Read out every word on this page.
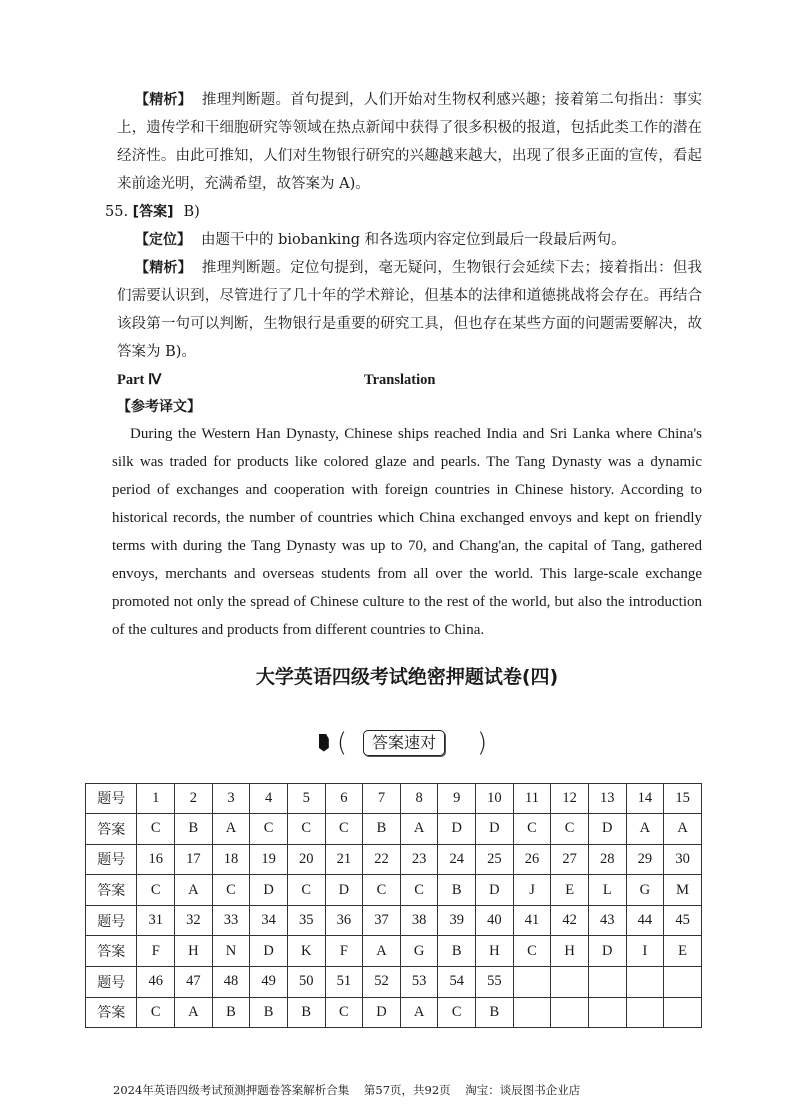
【精析】 推理判断题。首句提到，人们开始对生物权利感兴趣；接着第二句指出：事实上，遗传学和干细胞研究等领域在热点新闻中获得了很多积极的报道，包括此类工作的潜在经济性。由此可推知，人们对生物银行研究的兴趣越来越大，出现了很多正面的宣传，看起来前途光明，充满希望，故答案为 A)。

55. [答案] B)

【定位】 由题干中的 biobanking 和各选项内容定位到最后一段最后两句。

【精析】 推理判断题。定位句提到，毫无疑问，生物银行会延续下去；接着指出：但我们需要认识到，尽管进行了几十年的学术辩论，但基本的法律和道德挑战将会存在。再结合该段第一句可以判断，生物银行是重要的研究工具，但也存在某些方面的问题需要解决，故答案为 B)。

Part Ⅳ	Translation
【参考译文】

During the Western Han Dynasty, Chinese ships reached India and Sri Lanka where China's silk was traded for products like colored glaze and pearls. The Tang Dynasty was a dynamic period of exchanges and cooperation with foreign countries in Chinese history. According to historical records, the number of countries which China exchanged envoys and kept on friendly terms with during the Tang Dynasty was up to 70, and Chang'an, the capital of Tang, gathered envoys, merchants and overseas students from all over the world. This large-scale exchange promoted not only the spread of Chinese culture to the rest of the world, but also the introduction of the cultures and products from different countries to China.

大学英语四级考试绝密押题试卷(四)
( 答案速对 )
题号	1	2	3	4	5	6	7	8	9	10	11	12	13	14	15
答案	C	B	A	C	C	C	B	A	D	D	C	C	D	A	A
题号	16	17	18	19	20	21	22	23	24	25	26	27	28	29	30
答案	C	A	C	D	C	D	C	C	B	D	J	E	L	G	M
题号	31	32	33	34	35	36	37	38	39	40	41	42	43	44	45
答案	F	H	N	D	K	F	A	G	B	H	C	H	D	I	E
题号	46	47	48	49	50	51	52	53	54	55					
答案	C	A	B	B	B	C	D	A	C	B					
2024年英语四级考试预测押题卷答案解析合集 第57页，共92页 淘宝：谈辰图书企业店
